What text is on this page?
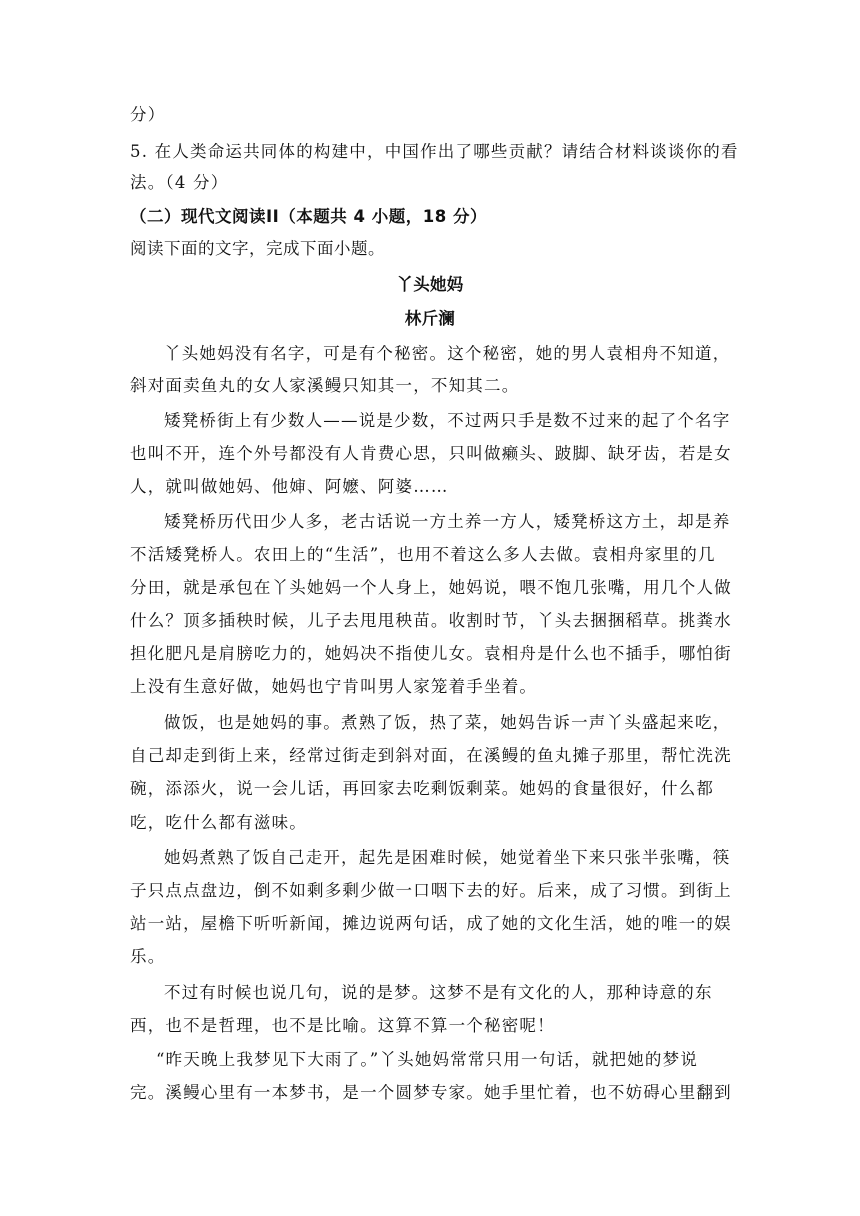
分）
5. 在人类命运共同体的构建中，中国作出了哪些贡献？请结合材料谈谈你的看
法。（4 分）
（二）现代文阅读II（本题共 4 小题，18 分）
阅读下面的文字，完成下面小题。
丫头她妈
林斤澜
丫头她妈没有名字，可是有个秘密。这个秘密，她的男人袁相舟不知道，
斜对面卖鱼丸的女人家溪鳗只知其一，不知其二。
矮凳桥街上有少数人——说是少数，不过两只手是数不过来的起了个名字
也叫不开，连个外号都没有人肯费心思，只叫做癞头、跛脚、缺牙齿，若是女
人，就叫做她妈、他婶、阿嬷、阿婆……
矮凳桥历代田少人多，老古话说一方土养一方人，矮凳桥这方土，却是养
不活矮凳桥人。农田上的“生活”，也用不着这么多人去做。袁相舟家里的几
分田，就是承包在丫头她妈一个人身上，她妈说，喂不饱几张嘴，用几个人做
什么？顶多插秧时候，儿子去甩甩秧苗。收割时节，丫头去捆捆稻草。挑粪水
担化肥凡是肩膀吃力的，她妈决不指使儿女。袁相舟是什么也不插手，哪怕街
上没有生意好做，她妈也宁肯叫男人家笼着手坐着。
做饭，也是她妈的事。煮熟了饭，热了菜，她妈告诉一声丫头盛起来吃，
自己却走到街上来，经常过街走到斜对面，在溪鳗的鱼丸摊子那里，帮忙洗洗
碗，添添火，说一会儿话，再回家去吃剩饭剩菜。她妈的食量很好，什么都
吃，吃什么都有滋味。
她妈煮熟了饭自己走开，起先是困难时候，她觉着坐下来只张半张嘴，筷
子只点点盘边，倒不如剩多剩少做一口咽下去的好。后来，成了习惯。到街上
站一站，屋檐下听听新闻，摊边说两句话，成了她的文化生活，她的唯一的娱
乐。
不过有时候也说几句，说的是梦。这梦不是有文化的人，那种诗意的东
西，也不是哲理，也不是比喻。这算不算一个秘密呢！
“昨天晚上我梦见下大雨了。”丫头她妈常常只用一句话，就把她的梦说
完。溪鳗心里有一本梦书，是一个圆梦专家。她手里忙着，也不妨碍心里翻到
